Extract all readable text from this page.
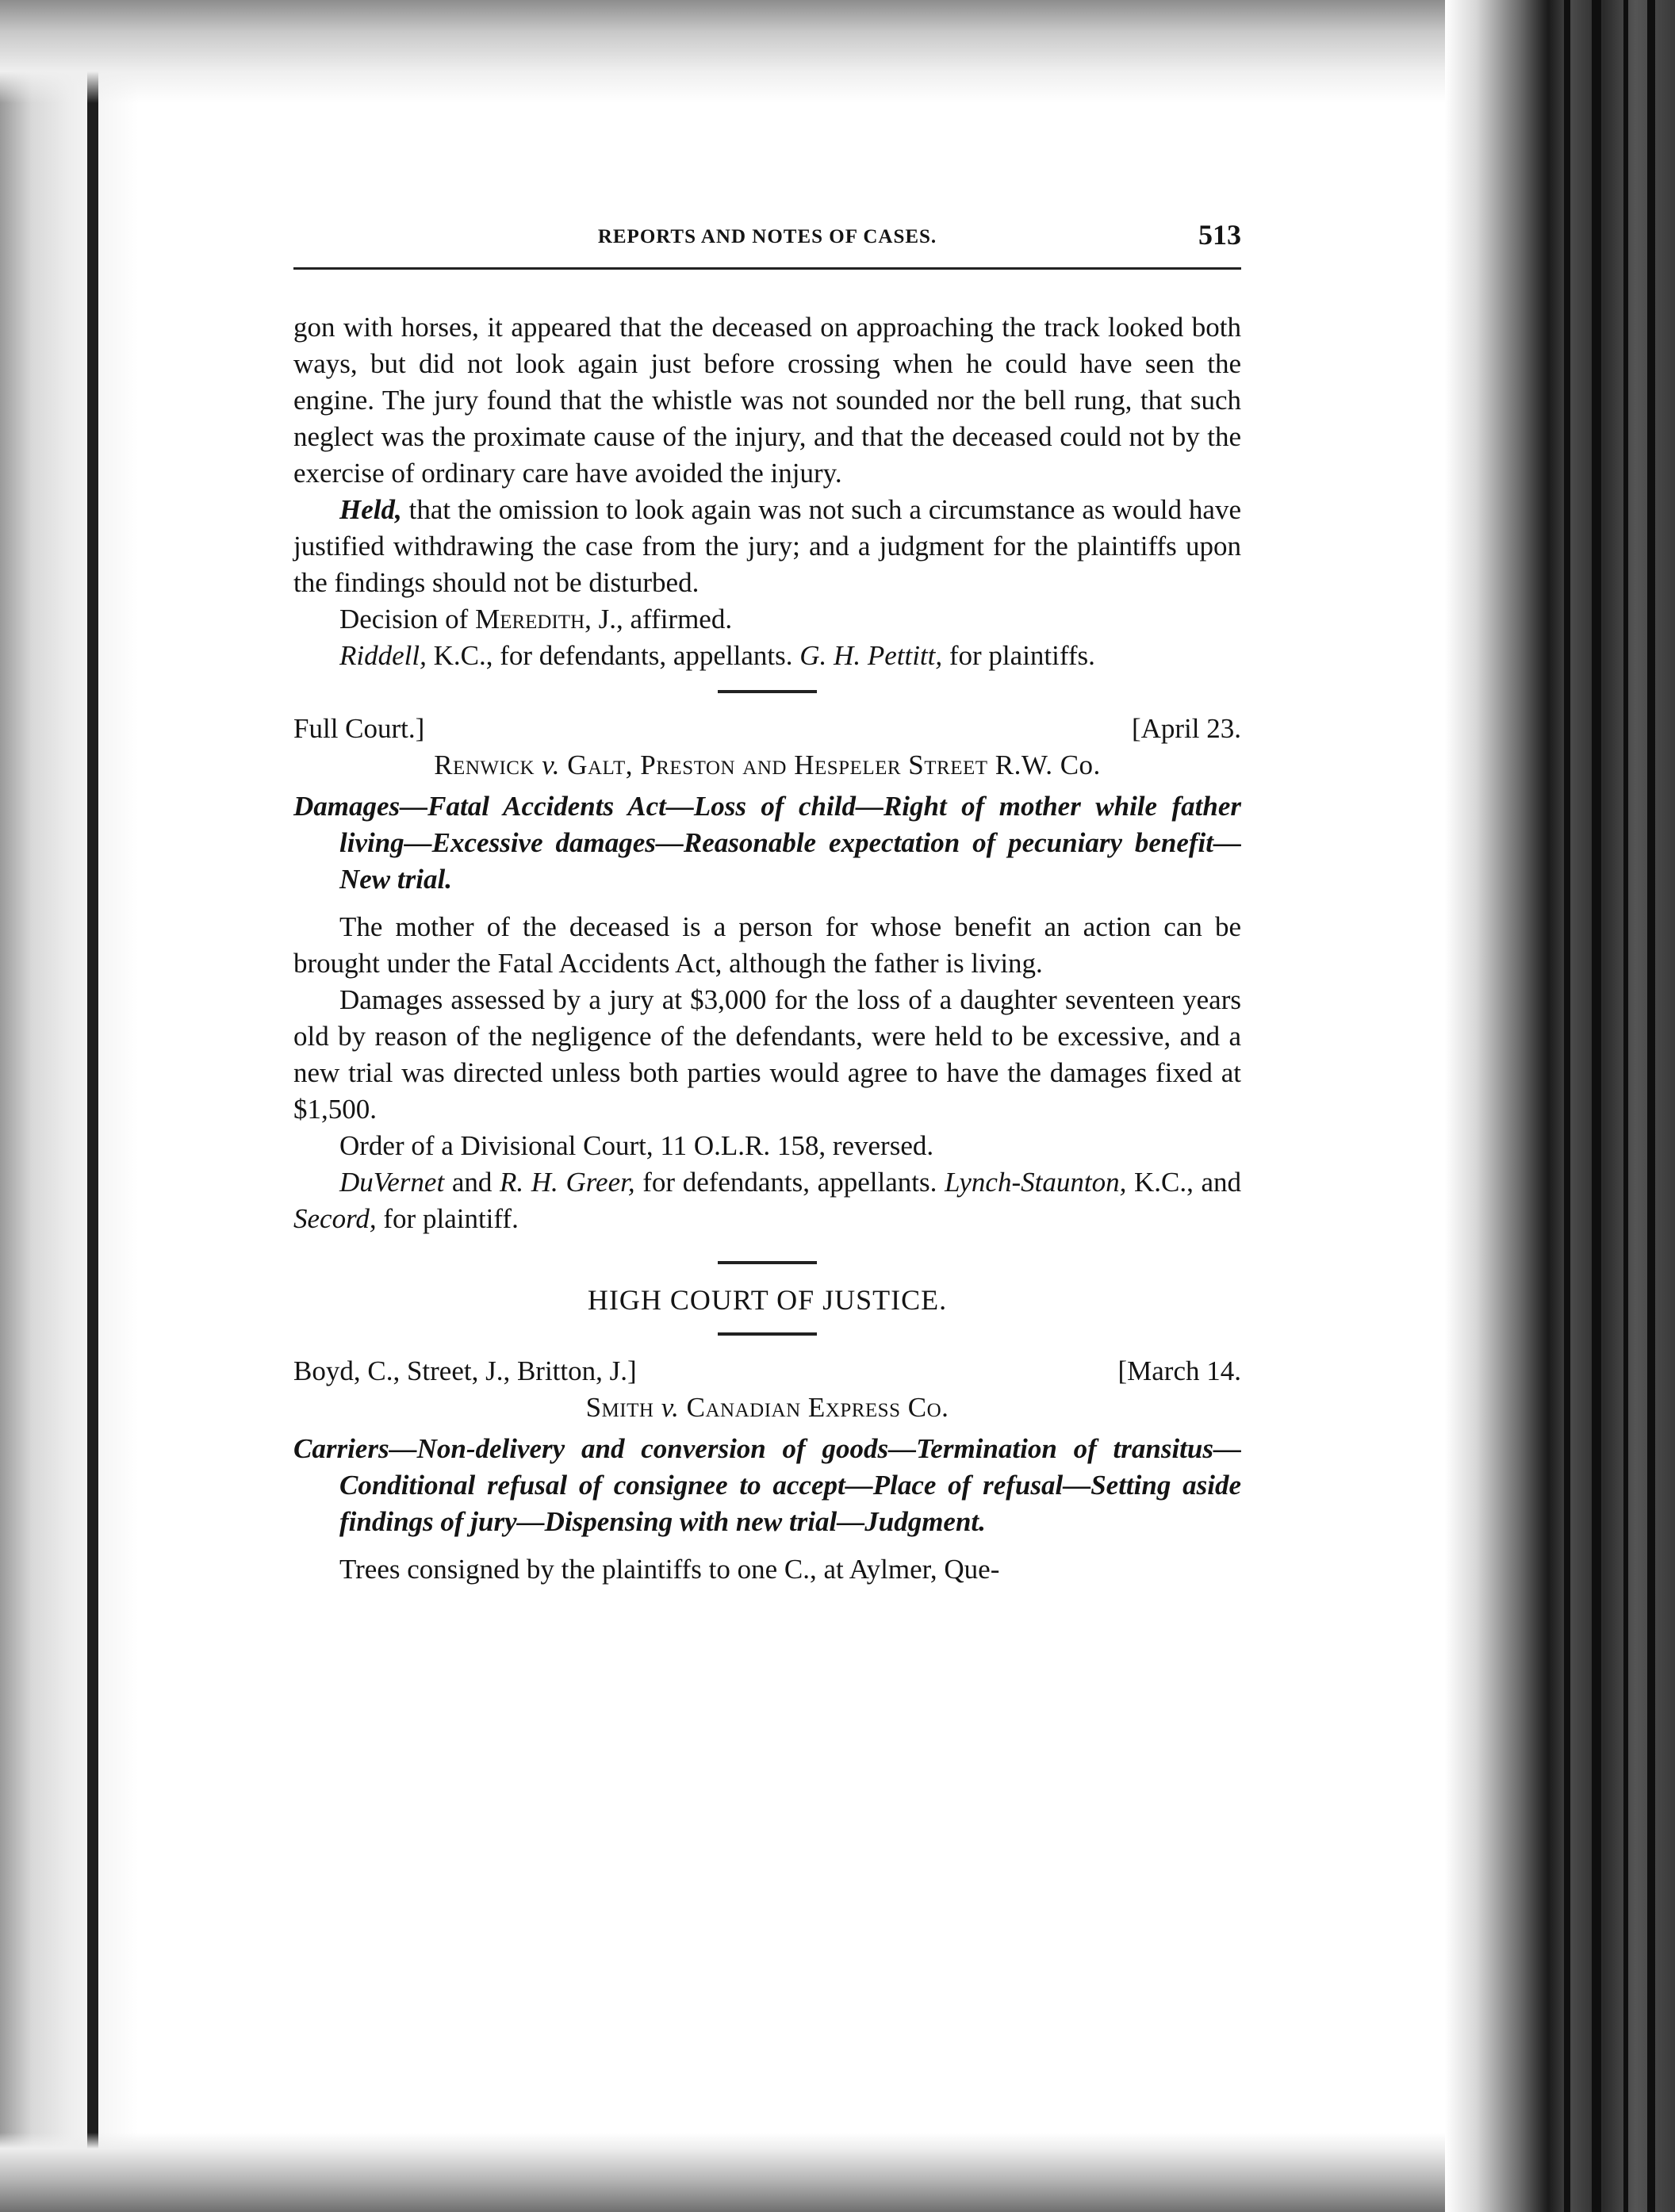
REPORTS AND NOTES OF CASES.	513

gon with horses, it appeared that the deceased on approaching the track looked both ways, but did not look again just before crossing when he could have seen the engine. The jury found that the whistle was not sounded nor the bell rung, that such neglect was the proximate cause of the injury, and that the deceased could not by the exercise of ordinary care have avoided the injury.

Held, that the omission to look again was not such a circumstance as would have justified withdrawing the case from the jury; and a judgment for the plaintiffs upon the findings should not be disturbed.

Decision of Meredith, J., affirmed.

Riddell, K.C., for defendants, appellants. G. H. Pettitt, for plaintiffs.

Full Court.]	[April 23.
Renwick v. Galt, Preston and Hespeler Street R.W. Co.

Damages—Fatal Accidents Act—Loss of child—Right of mother while father living—Excessive damages—Reasonable expectation of pecuniary benefit—New trial.

The mother of the deceased is a person for whose benefit an action can be brought under the Fatal Accidents Act, although the father is living.

Damages assessed by a jury at $3,000 for the loss of a daughter seventeen years old by reason of the negligence of the defendants, were held to be excessive, and a new trial was directed unless both parties would agree to have the damages fixed at $1,500.

Order of a Divisional Court, 11 O.L.R. 158, reversed.

DuVernet and R. H. Greer, for defendants, appellants. Lynch-Staunton, K.C., and Secord, for plaintiff.

HIGH COURT OF JUSTICE.
Boyd, C., Street, J., Britton, J.]	[March 14.
Smith v. Canadian Express Co.

Carriers—Non-delivery and conversion of goods—Termination of transitus—Conditional refusal of consignee to accept—Place of refusal—Setting aside findings of jury—Dispensing with new trial—Judgment.

Trees consigned by the plaintiffs to one C., at Aylmer, Que-
